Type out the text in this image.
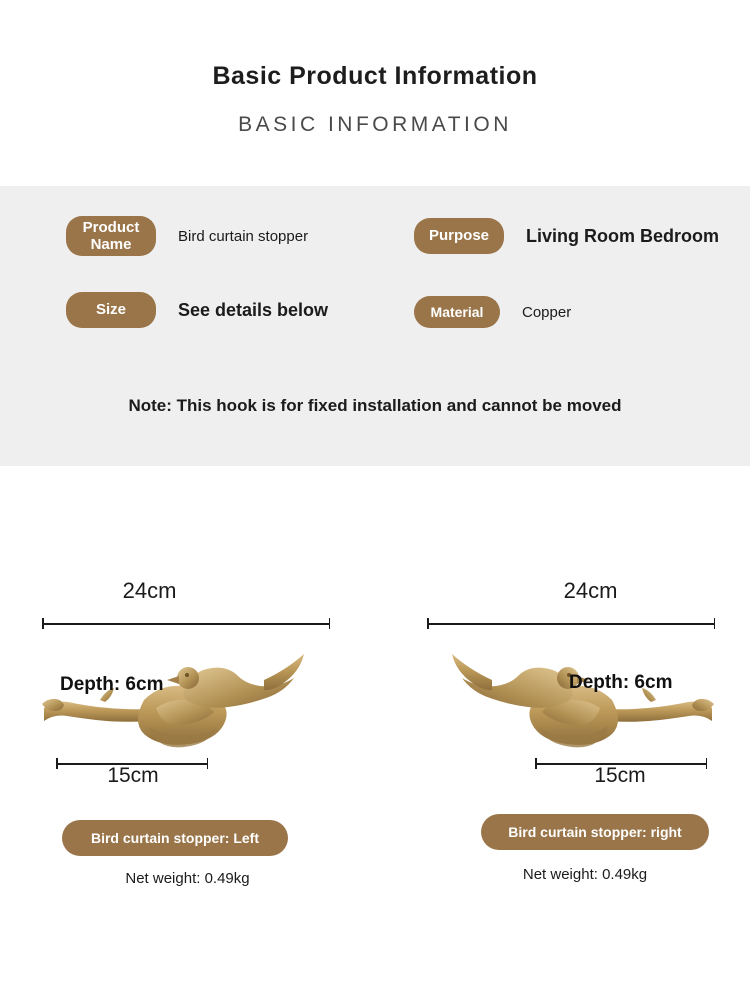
Basic Product Information
BASIC INFORMATION
Product
Name	Bird curtain stopper
Size	See details below
Purpose	Living Room Bedroom
Material	Copper
Note: This hook is for fixed installation and cannot be moved
24cm
Depth: 6cm
15cm
Bird curtain stopper: Left
Net weight: 0.49kg
24cm
Depth: 6cm
15cm
Bird curtain stopper: right
Net weight: 0.49kg
